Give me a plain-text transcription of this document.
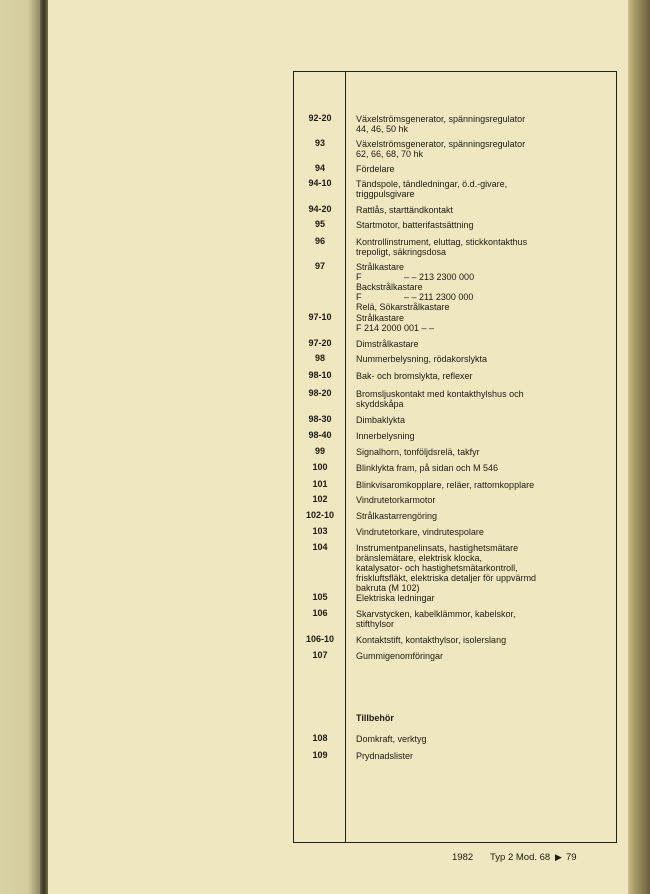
92-20	Växelströmsgenerator, spänningsregulator
44, 46, 50 hk
93	Växelströmsgenerator, spänningsregulator
62, 66, 68, 70 hk
94	Fördelare
94-10	Tändspole, tändledningar, ö.d.-givare,
triggpulsgivare
94-20	Rattlås, starttändkontakt
95	Startmotor, batterifastsättning
96	Kontrollinstrument, eluttag, stickkontakthus
trepoligt, säkringsdosa
97	Strålkastare
F                 – – 213 2300 000
Backstrålkastare
F                 – – 211 2300 000
Relä, Sökarstrålkastare
97-10	Strålkastare
F 214 2000 001 – –
97-20	Dimstrålkastare
98	Nummerbelysning, rödakorslykta
98-10	Bak- och bromslykta, reflexer
98-20	Bromsljuskontakt med kontakthylshus och
skyddskåpa
98-30	Dimbaklykta
98-40	Innerbelysning
99	Signalhorn, tonföljdsrelä, takfyr
100	Blinklykta fram, på sidan och M 546
101	Blinkvisaromkopplare, reläer, rattomkopplare
102	Vindrutetorkarmotor
102-10	Strålkastarrengöring
103	Vindrutetorkare, vindrutespolare
104	Instrumentpanelinsats, hastighetsmätare
bränslemätare, elektrisk klocka,
katalysator- och hastighetsmätarkontroll,
friskluftsfläkt, elektriska detaljer för uppvärmd
bakruta (M 102)
105	Elektriska ledningar
106	Skarvstycken, kabelklämmor, kabelskor,
stifthylsor
106-10	Kontaktstift, kontakthylsor, isolerslang
107	Gummigenomföringar
Tillbehör
108	Domkraft, verktyg
109	Prydnadslister
1982 Typ 2 Mod. 68 ▶ 79
